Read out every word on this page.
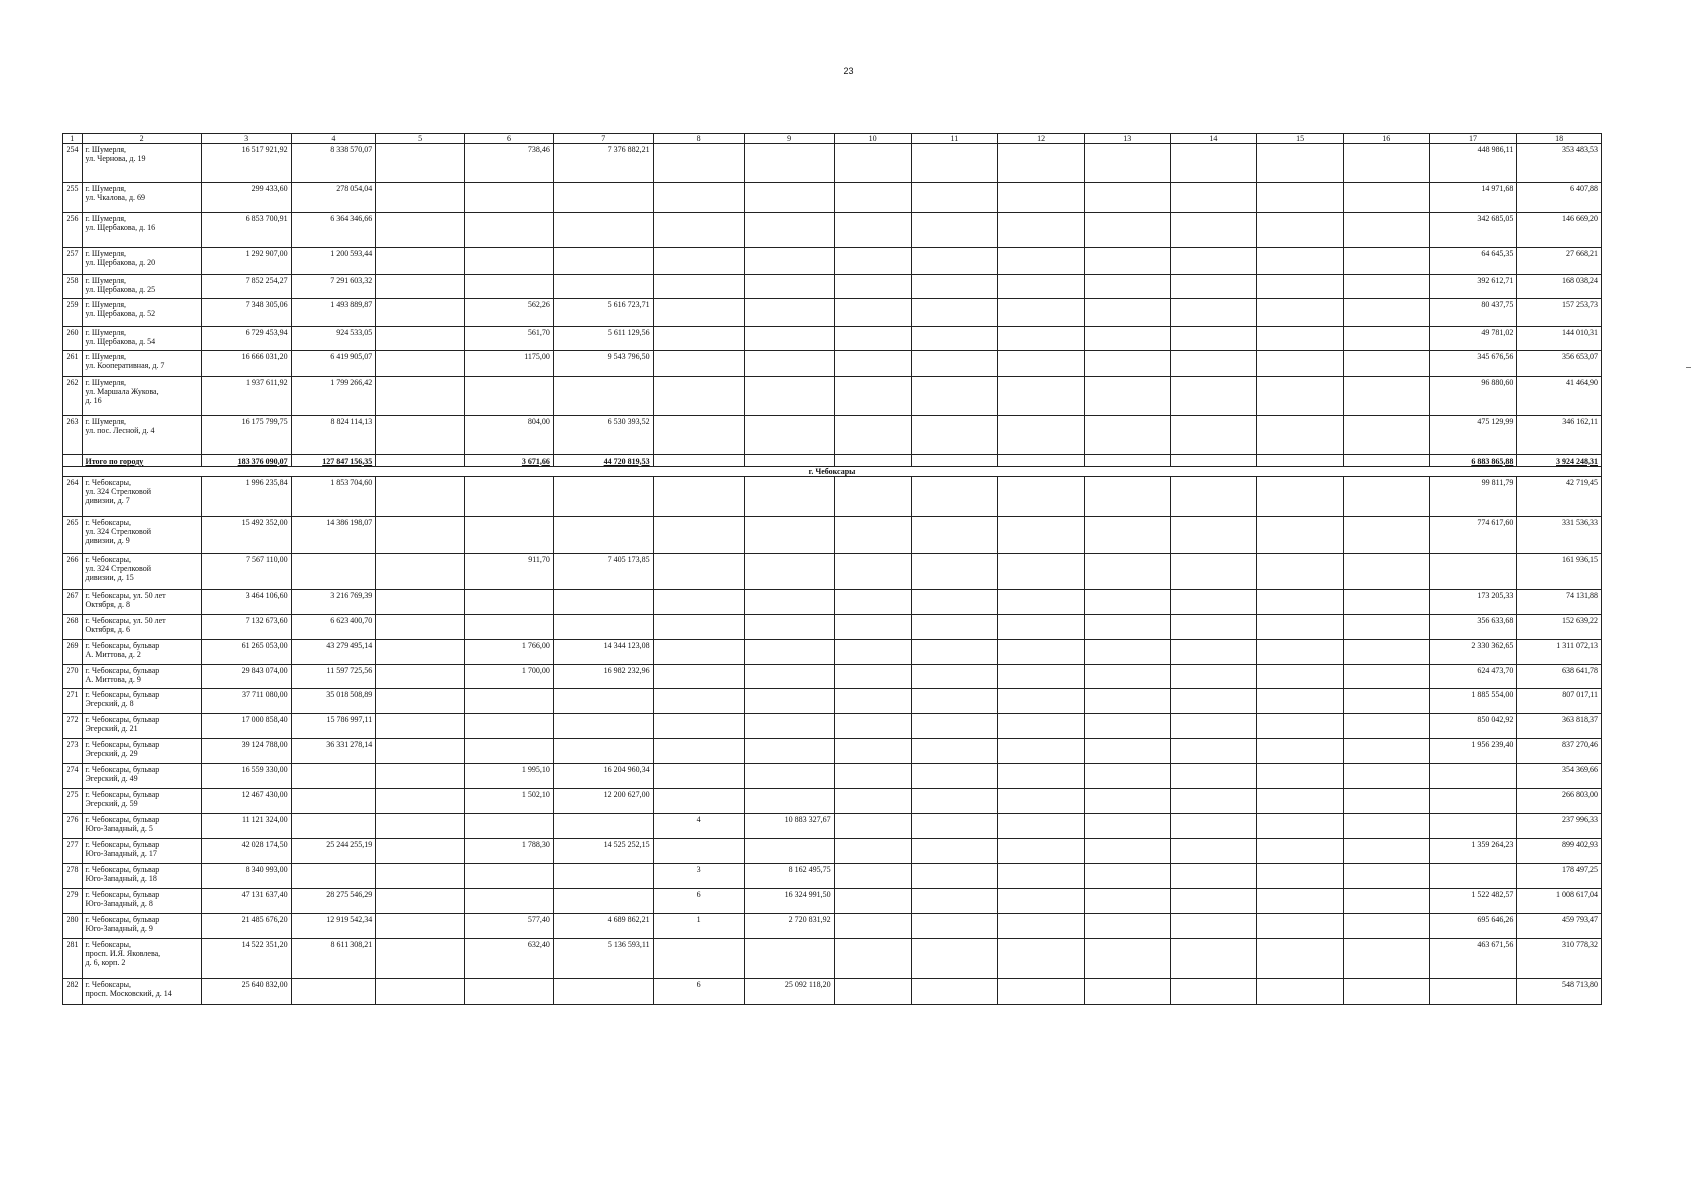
23
1	2	3	4	5	6	7	8	9	10	11	12	13	14	15	16	17	18
254	г. Шумерля,
ул. Чернова, д. 19	16 517 921,92	8 338 570,07		738,46	7 376 882,21										448 986,11	353 483,53
255	г. Шумерля,
ул. Чкалова, д. 69	299 433,60	278 054,04													14 971,68	6 407,88
256	г. Шумерля,
ул. Щербакова, д. 16	6 853 700,91	6 364 346,66													342 685,05	146 669,20
257	г. Шумерля,
ул. Щербакова, д. 20	1 292 907,00	1 200 593,44													64 645,35	27 668,21
258	г. Шумерля,
ул. Щербакова, д. 25	7 852 254,27	7 291 603,32													392 612,71	168 038,24
259	г. Шумерля,
ул. Щербакова, д. 52	7 348 305,06	1 493 889,87		562,26	5 616 723,71										80 437,75	157 253,73
260	г. Шумерля,
ул. Щербакова, д. 54	6 729 453,94	924 533,05		561,70	5 611 129,56										49 781,02	144 010,31
261	г. Шумерля,
ул. Кооперативная, д. 7	16 666 031,20	6 419 905,07		1175,00	9 543 796,50										345 676,56	356 653,07
262	г. Шумерля,
ул. Маршала Жукова,
д. 16	1 937 611,92	1 799 266,42													96 880,60	41 464,90
263	г. Шумерля,
ул. пос. Лесной, д. 4	16 175 799,75	8 824 114,13		804,00	6 530 393,52										475 129,99	346 162,11
	Итого по городу	183 376 090,07	127 847 156,35		3 671,66	44 720 819,53										6 883 865,88	3 924 248,31
г. Чебоксары																	
264	г. Чебоксары,
ул. 324 Стрелковой
дивизии, д. 7	1 996 235,84	1 853 704,60													99 811,79	42 719,45
265	г. Чебоксары,
ул. 324 Стрелковой
дивизии, д. 9	15 492 352,00	14 386 198,07													774 617,60	331 536,33
266	г. Чебоксары,
ул. 324 Стрелковой
дивизии, д. 15	7 567 110,00			911,70	7 405 173,85											161 936,15
267	г. Чебоксары, ул. 50 лет
Октября, д. 8	3 464 106,60	3 216 769,39													173 205,33	74 131,88
268	г. Чебоксары, ул. 50 лет
Октября, д. 6	7 132 673,60	6 623 400,70													356 633,68	152 639,22
269	г. Чебоксары, бульвар
А. Миттова, д. 2	61 265 053,00	43 279 495,14		1 766,00	14 344 123,08										2 330 362,65	1 311 072,13
270	г. Чебоксары, бульвар
А. Миттова, д. 9	29 843 074,00	11 597 725,56		1 700,00	16 982 232,96										624 473,70	638 641,78
271	г. Чебоксары, бульвар
Эгерский, д. 8	37 711 080,00	35 018 508,89													1 885 554,00	807 017,11
272	г. Чебоксары, бульвар
Эгерский, д. 21	17 000 858,40	15 786 997,11													850 042,92	363 818,37
273	г. Чебоксары, бульвар
Эгерский, д. 29	39 124 788,00	36 331 278,14													1 956 239,40	837 270,46
274	г. Чебоксары, бульвар
Эгерский, д. 49	16 559 330,00			1 995,10	16 204 960,34											354 369,66
275	г. Чебоксары, бульвар
Эгерский, д. 59	12 467 430,00			1 502,10	12 200 627,00											266 803,00
276	г. Чебоксары, бульвар
Юго-Западный, д. 5	11 121 324,00					4	10 883 327,67									237 996,33
277	г. Чебоксары, бульвар
Юго-Западный, д. 17	42 028 174,50	25 244 255,19		1 788,30	14 525 252,15										1 359 264,23	899 402,93
278	г. Чебоксары, бульвар
Юго-Западный, д. 18	8 340 993,00					3	8 162 495,75									178 497,25
279	г. Чебоксары, бульвар
Юго-Западный, д. 8	47 131 637,40	28 275 546,29				6	16 324 991,50								1 522 482,57	1 008 617,04
280	г. Чебоксары, бульвар
Юго-Западный, д. 9	21 485 676,20	12 919 542,34		577,40	4 689 862,21	1	2 720 831,92								695 646,26	459 793,47
281	г. Чебоксары,
просп. И.Я. Яковлева,
д. 6, корп. 2	14 522 351,20	8 611 308,21		632,40	5 136 593,11										463 671,56	310 778,32
282	г. Чебоксары,
просп. Московский, д. 14	25 640 832,00					6	25 092 118,20									548 713,80
